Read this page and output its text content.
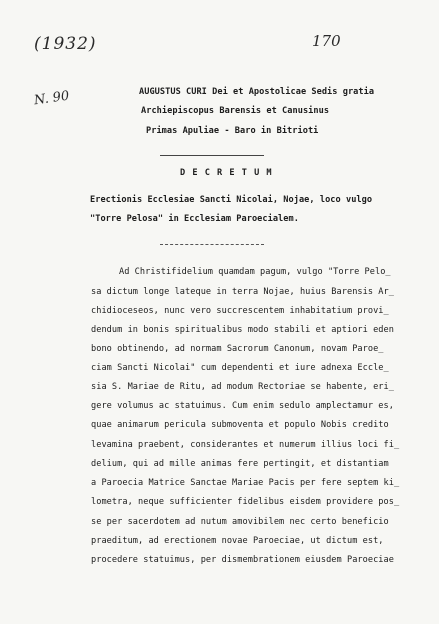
(1932)	170
N. 90	AUGUSTUS CURI Dei et Apostolicae Sedis gratia
Archiepiscopus Barensis et Canusinus
Primas Apuliae - Baro in Bitrioti
D E C R E T U M
Erectionis Ecclesiae Sancti Nicolai, Nojae, loco vulgo
"Torre Pelosa" in Ecclesiam Paroecialem.
Ad Christifidelium quamdam pagum, vulgo "Torre Pelo_
sa dictum longe lateque in terra Nojae, huius Barensis Ar_
chidioceseos, nunc vero succrescentem inhabitatium provi_
dendum in bonis spiritualibus modo stabili et aptiori eden
bono obtinendo, ad normam Sacrorum Canonum, novam Paroe_
ciam Sancti Nicolai" cum dependenti et iure adnexa Eccle_
sia S. Mariae de Ritu, ad modum Rectoriae se habente, eri_
gere volumus ac statuimus. Cum enim sedulo amplectamur es,
quae animarum pericula submoventa et populo Nobis credito
levamina praebent, considerantes et numerum illius loci fi_
delium, qui ad mille animas fere pertingit, et distantiam
a Paroecia Matrice Sanctae Mariae Pacis per fere septem ki_
lometra, neque sufficienter fidelibus eisdem providere pos_
se per sacerdotem ad nutum amovibilem nec certo beneficio
praeditum, ad erectionem novae Paroeciae, ut dictum est,
procedere statuimus, per dismembrationem eiusdem Paroeciae
